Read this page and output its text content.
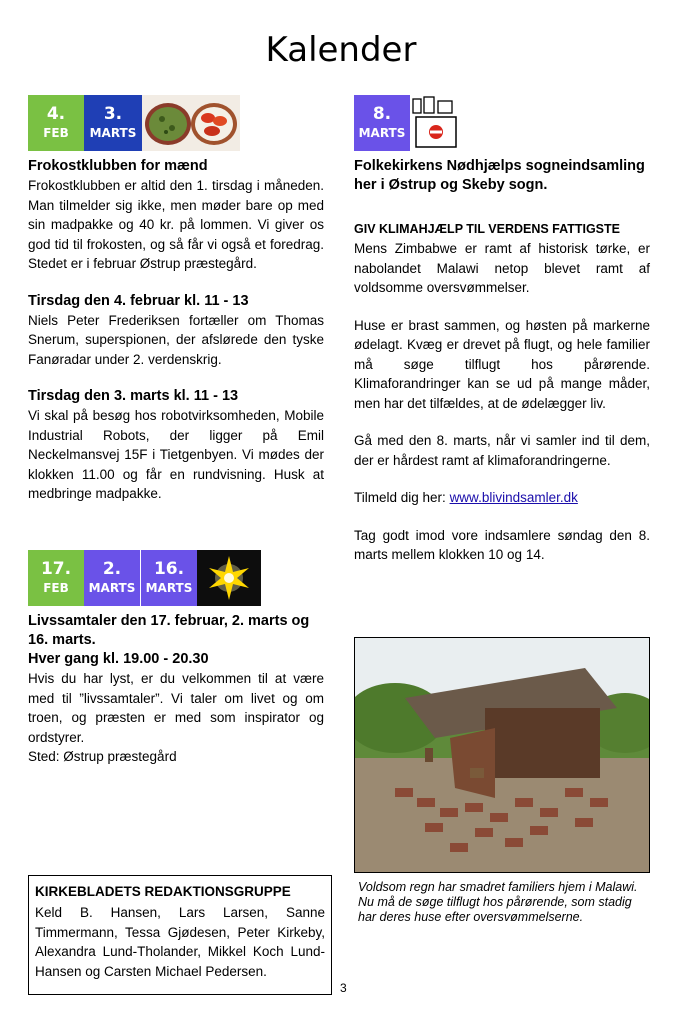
Kalender
4.
FEB
3.
MARTS
Frokostklubben for mænd

Frokostklubben er altid den 1. tirsdag i måneden. Man tilmelder sig ikke, men møder bare op med sin madpakke og 40 kr. på lommen. Vi giver os god tid til frokosten, og så får vi også et foredrag. Stedet er i februar Østrup præstegård.

Tirsdag den 4. februar kl. 11 - 13

Niels Peter Frederiksen fortæller om Thomas Snerum, superspionen, der afslørede den tyske Fanøradar under 2. verdenskrig.

Tirsdag den 3. marts kl. 11 - 13

Vi skal på besøg hos robotvirksomheden, Mobile Industrial Robots, der ligger på Emil Neckelmansvej 15F i Tietgenbyen. Vi mødes der klokken 11.00 og får en rundvisning. Husk at medbringe madpakke.

17.
FEB
2.
MARTS
16.
MARTS
Livssamtaler den 17. februar, 2. marts og 16. marts.
Hver gang kl. 19.00 - 20.30

Hvis du har lyst, er du velkommen til at være med til ”livssamtaler”. Vi taler om livet og om troen, og præsten er med som inspirator og ordstyrer.

Sted: Østrup præstegård

KIRKEBLADETS REDAKTIONSGRUPPE

Keld B. Hansen, Lars Larsen, Sanne Timmermann, Tessa Gjødesen, Peter Kirkeby, Alexandra Lund-Tholander, Mikkel Koch Lund-Hansen og Carsten Michael Pedersen.

8.
MARTS
Folkekirkens Nødhjælps sogneindsamling her i Østrup og Skeby sogn.
GIV KLIMAHJÆLP TIL VERDENS FATTIGSTE

Mens Zimbabwe er ramt af historisk tørke, er nabolandet Malawi netop blevet ramt af voldsomme oversvømmelser.

Huse er brast sammen, og høsten på markerne ødelagt. Kvæg er drevet på flugt, og hele familier må søge tilflugt hos pårørende. Klimaforandringer kan se ud på mange måder, men har det tilfældes, at de ødelægger liv.

Gå med den 8. marts, når vi samler ind til dem, der er hårdest ramt af klimaforandringerne.

Tilmeld dig her: www.blivindsamler.dk

Tag godt imod vore indsamlere søndag den 8. marts mellem klokken 10 og 14.

Voldsom regn har smadret familiers hjem i Malawi. Nu må de søge tilflugt hos pårørende, som stadig har deres huse efter oversvømmelserne.
3
